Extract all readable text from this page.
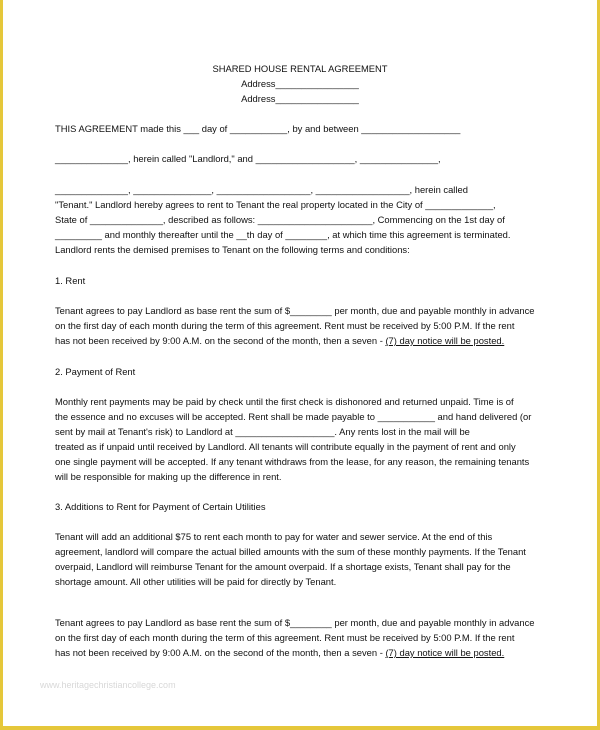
SHARED HOUSE RENTAL AGREEMENT
Address________________
Address________________
THIS AGREEMENT made this ___ day of ___________, by and between ___________________
______________, herein called "Landlord," and ___________________, _______________,
______________, _______________, __________________, __________________, herein called
"Tenant." Landlord hereby agrees to rent to Tenant the real property located in the City of _____________,
State of ______________, described as follows: ______________________, Commencing on the 1st day of
_________ and monthly thereafter until the __th day of ________, at which time this agreement is terminated.
Landlord rents the demised premises to Tenant on the following terms and conditions:
1. Rent
Tenant agrees to pay Landlord as base rent the sum of $________ per month, due and payable monthly in advance
on the first day of each month during the term of this agreement. Rent must be received by 5:00 P.M. If the rent
has not been received by 9:00 A.M. on the second of the month, then a seven - (7) day notice will be posted.
2. Payment of Rent
Monthly rent payments may be paid by check until the first check is dishonored and returned unpaid. Time is of
the essence and no excuses will be accepted. Rent shall be made payable to ___________ and hand delivered (or
sent by mail at Tenant's risk) to Landlord at ___________________. Any rents lost in the mail will be
treated as if unpaid until received by Landlord. All tenants will contribute equally in the payment of rent and only
one single payment will be accepted. If any tenant withdraws from the lease, for any reason, the remaining tenants
will be responsible for making up the difference in rent.
3. Additions to Rent for Payment of Certain Utilities
Tenant will add an additional $75 to rent each month to pay for water and sewer service. At the end of this
agreement, landlord will compare the actual billed amounts with the sum of these monthly payments. If the Tenant
overpaid, Landlord will reimburse Tenant for the amount overpaid. If a shortage exists, Tenant shall pay for the
shortage amount. All other utilities will be paid for directly by Tenant.
Tenant agrees to pay Landlord as base rent the sum of $________ per month, due and payable monthly in advance
on the first day of each month during the term of this agreement. Rent must be received by 5:00 P.M. If the rent
has not been received by 9:00 A.M. on the second of the month, then a seven - (7) day notice will be posted.
www.heritagechristiancollege.com
